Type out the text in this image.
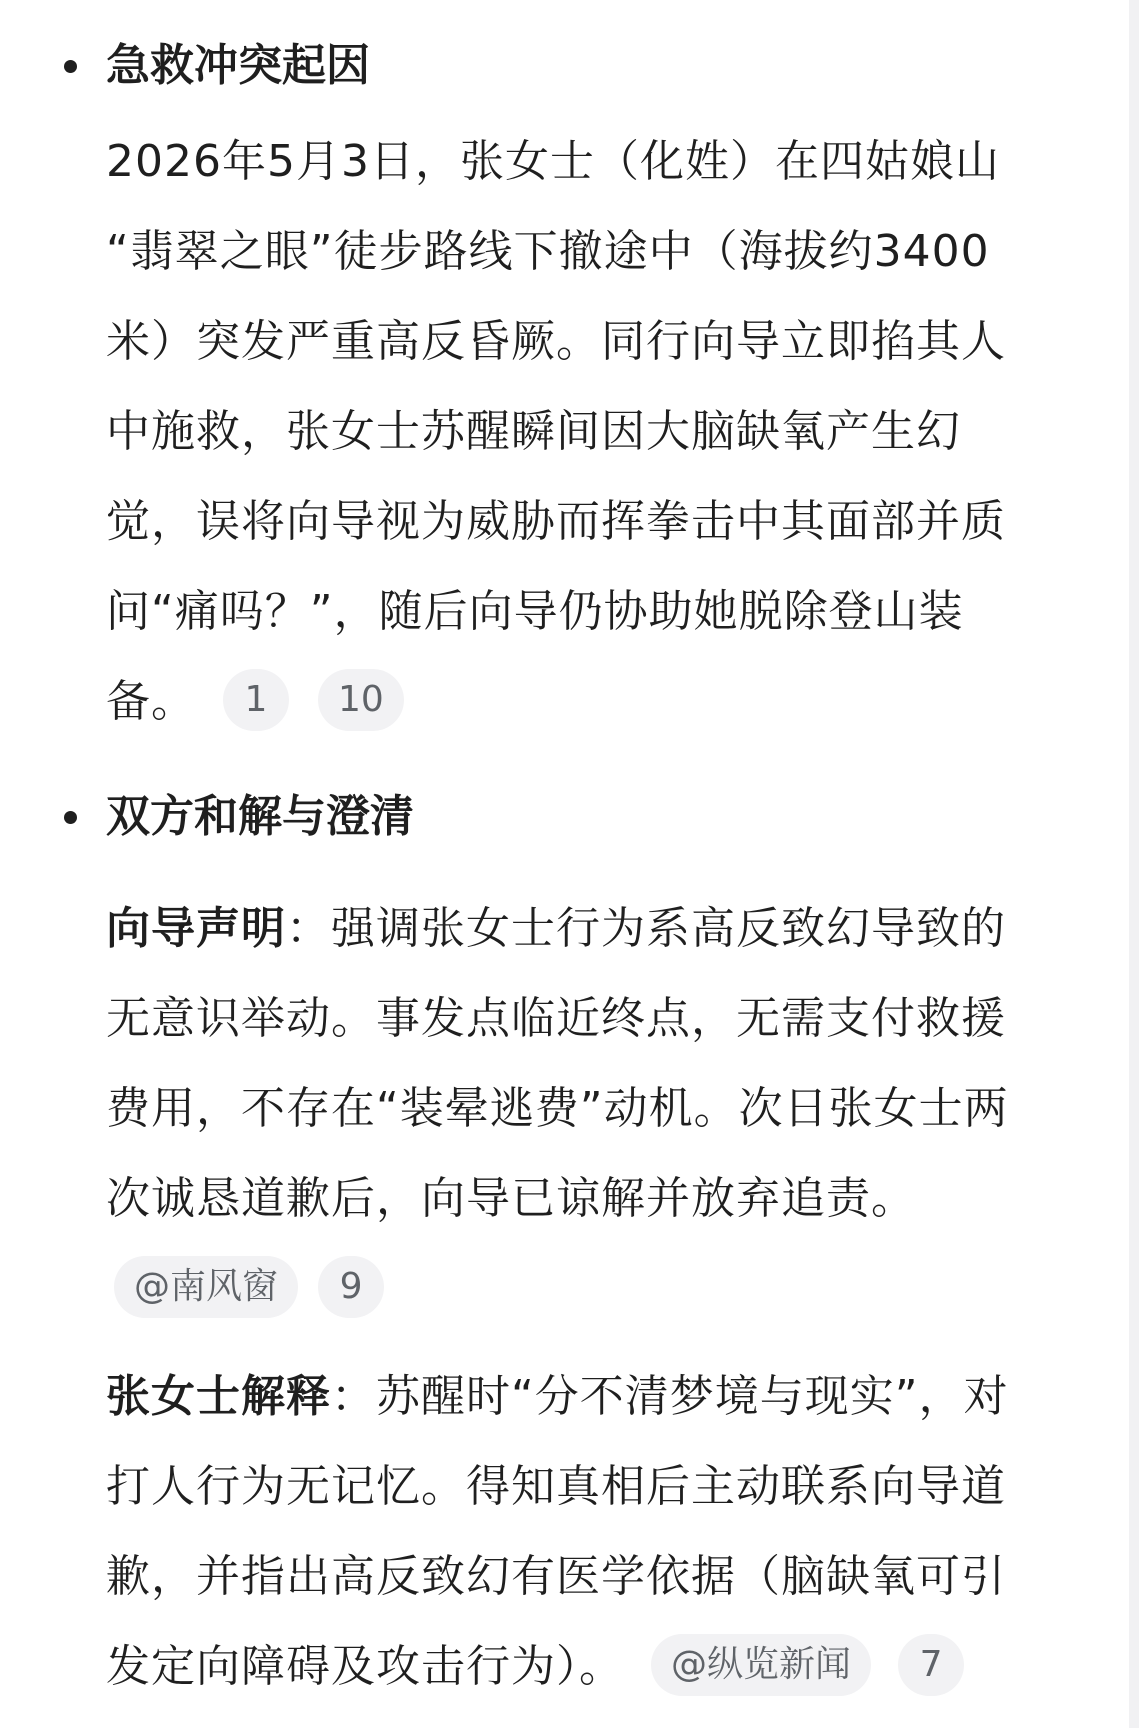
急救冲突起因
2026年5月3日，张女士（化姓）在四姑娘山
“翡翠之眼”徒步路线下撤途中（海拔约3400
米）突发严重高反昏厥。同行向导立即掐其人
中施救，张女士苏醒瞬间因大脑缺氧产生幻
觉，误将向导视为威胁而挥拳击中其面部并质
问“痛吗？”，随后向导仍协助她脱除登山装
备。 1 10
双方和解与澄清
向导声明：强调张女士行为系高反致幻导致的
无意识举动。事发点临近终点，无需支付救援
费用，不存在“装晕逃费”动机。次日张女士两
次诚恳道歉后，向导已谅解并放弃追责。
@南风窗 9
张女士解释：苏醒时“分不清梦境与现实”，对
打人行为无记忆。得知真相后主动联系向导道
歉，并指出高反致幻有医学依据（脑缺氧可引
发定向障碍及攻击行为）。 @纵览新闻 7
